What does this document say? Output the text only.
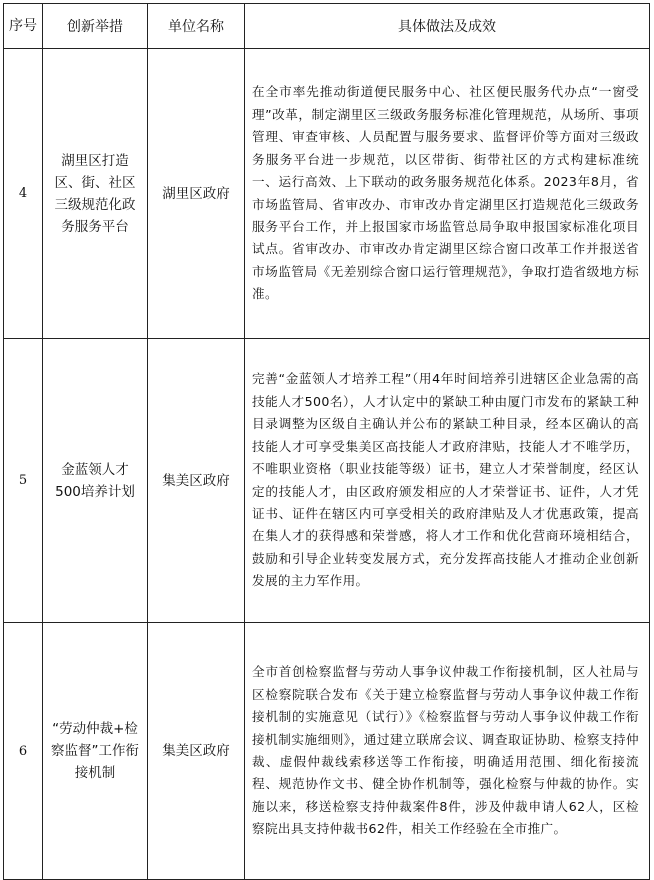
序号	创新举措	单位名称	具体做法及成效
4	湖里区打造区、街、社区三级规范化政务服务平台	湖里区政府	在全市率先推动街道便民服务中心、社区便民服务代办点“一窗受理”改革，制定湖里区三级政务服务标准化管理规范，从场所、事项管理、审查审核、人员配置与服务要求、监督评价等方面对三级政务服务平台进一步规范，以区带街、街带社区的方式构建标准统一、运行高效、上下联动的政务服务规范化体系。2023年8月，省市场监管局、省审改办、市审改办肯定湖里区打造规范化三级政务服务平台工作，并上报国家市场监管总局争取申报国家标准化项目试点。省审改办、市审改办肯定湖里区综合窗口改革工作并报送省市场监管局《无差别综合窗口运行管理规范》，争取打造省级地方标准。
5	金蓝领人才500培养计划	集美区政府	完善“金蓝领人才培养工程”（用4年时间培养引进辖区企业急需的高技能人才500名），人才认定中的紧缺工种由厦门市发布的紧缺工种目录调整为区级自主确认并公布的紧缺工种目录，经本区确认的高技能人才可享受集美区高技能人才政府津贴，技能人才不唯学历，不唯职业资格（职业技能等级）证书，建立人才荣誉制度，经区认定的技能人才，由区政府颁发相应的人才荣誉证书、证件，人才凭证书、证件在辖区内可享受相关的政府津贴及人才优惠政策，提高在集人才的获得感和荣誉感，将人才工作和优化营商环境相结合，鼓励和引导企业转变发展方式，充分发挥高技能人才推动企业创新发展的主力军作用。
6	“劳动仲裁+检察监督”工作衔接机制	集美区政府	全市首创检察监督与劳动人事争议仲裁工作衔接机制，区人社局与区检察院联合发布《关于建立检察监督与劳动人事争议仲裁工作衔接机制的实施意见（试行）》《检察监督与劳动人事争议仲裁工作衔接机制实施细则》，通过建立联席会议、调查取证协助、检察支持仲裁、虚假仲裁线索移送等工作衔接，明确适用范围、细化衔接流程、规范协作文书、健全协作机制等，强化检察与仲裁的协作。实施以来，移送检察支持仲裁案件8件，涉及仲裁申请人62人，区检察院出具支持仲裁书62件，相关工作经验在全市推广。
